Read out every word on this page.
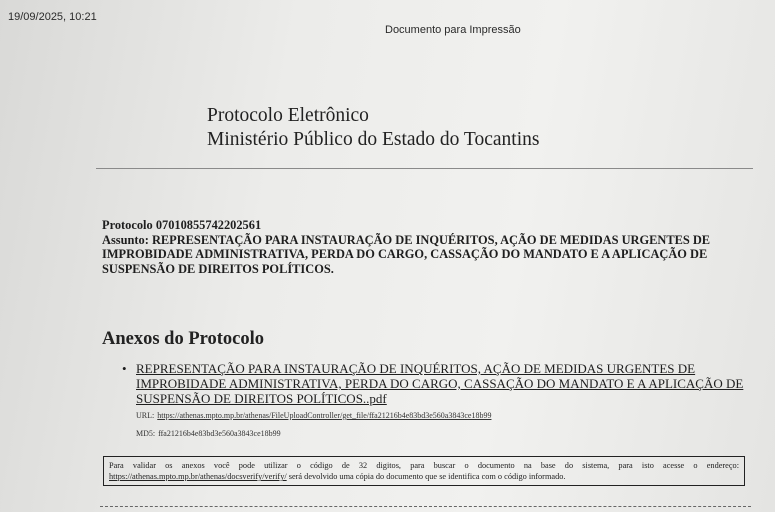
19/09/2025, 10:21
Documento para Impressão
Protocolo Eletrônico
Ministério Público do Estado do Tocantins
Protocolo 07010855742202561
Assunto: REPRESENTAÇÃO PARA INSTAURAÇÃO DE INQUÉRITOS, AÇÃO DE MEDIDAS URGENTES DE
IMPROBIDADE ADMINISTRATIVA, PERDA DO CARGO, CASSAÇÃO DO MANDATO E A APLICAÇÃO DE
SUSPENSÃO DE DIREITOS POLÍTICOS.
Anexos do Protocolo
• REPRESENTAÇÃO PARA INSTAURAÇÃO DE INQUÉRITOS, AÇÃO DE MEDIDAS URGENTES DE
IMPROBIDADE ADMINISTRATIVA, PERDA DO CARGO, CASSAÇÃO DO MANDATO E A APLICAÇÃO DE
SUSPENSÃO DE DIREITOS POLÍTICOS..pdf
URL: https://athenas.mpto.mp.br/athenas/FileUploadController/get_file/ffa21216b4e83bd3e560a3843ce18b99
MD5: ffa21216b4e83bd3e560a3843ce18b99
Para validar os anexos você pode utilizar o código de 32 digitos, para buscar o documento na base do sistema, para isto acesse o endereço: https://athenas.mpto.mp.br/athenas/docsverify/verify/ será devolvido uma cópia do documento que se identifica com o código informado.
